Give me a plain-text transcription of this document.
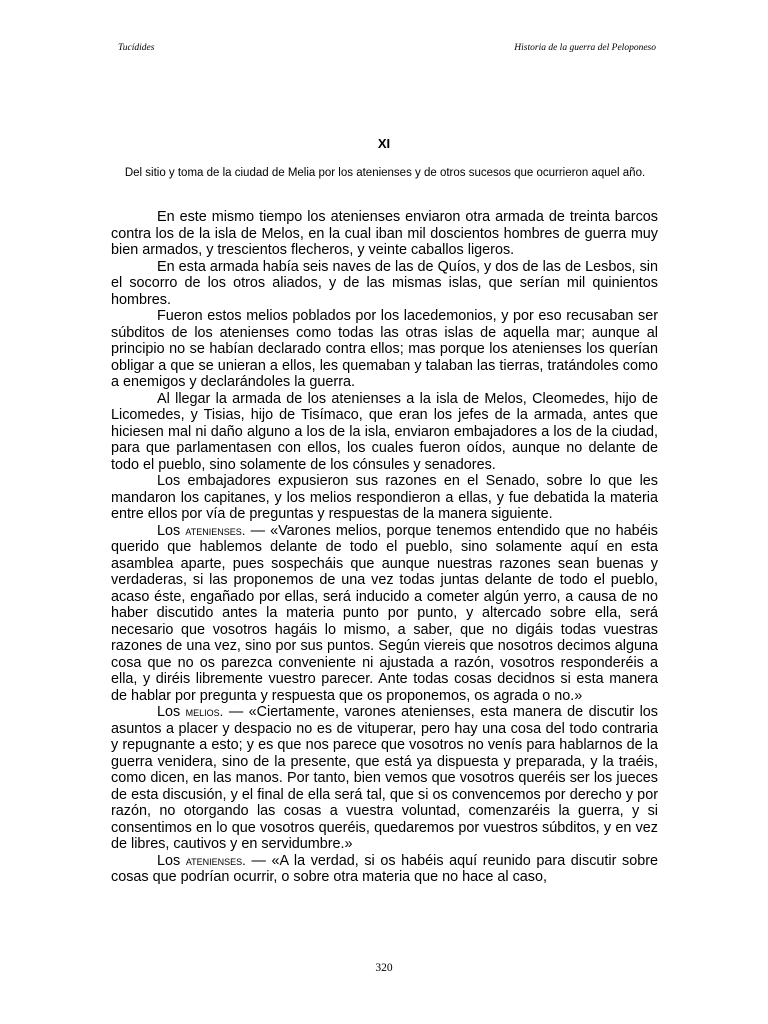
Tucídides	Historia de la guerra del Peloponeso
XI
Del sitio y toma de la ciudad de Melia por los atenienses y de otros sucesos que ocurrieron aquel año.

En este mismo tiempo los atenienses enviaron otra armada de treinta barcos contra los de la isla de Melos, en la cual iban mil doscientos hombres de guerra muy bien armados, y trescientos flecheros, y veinte caballos ligeros.

En esta armada había seis naves de las de Quíos, y dos de las de Lesbos, sin el socorro de los otros aliados, y de las mismas islas, que serían mil quinientos hombres.

Fueron estos melios poblados por los lacedemonios, y por eso recusaban ser súbditos de los atenienses como todas las otras islas de aquella mar; aunque al principio no se habían declarado contra ellos; mas porque los atenienses los querían obligar a que se unieran a ellos, les quemaban y talaban las tierras, tratándoles como a enemigos y declarándoles la guerra.

Al llegar la armada de los atenienses a la isla de Melos, Cleomedes, hijo de Licomedes, y Tisias, hijo de Tisímaco, que eran los jefes de la armada, antes que hiciesen mal ni daño alguno a los de la isla, enviaron embajadores a los de la ciudad, para que parlamentasen con ellos, los cuales fueron oídos, aunque no delante de todo el pueblo, sino solamente de los cónsules y senadores.

Los embajadores expusieron sus razones en el Senado, sobre lo que les mandaron los capitanes, y los melios respondieron a ellas, y fue debatida la materia entre ellos por vía de preguntas y respuestas de la manera siguiente.

Los atenienses. — «Varones melios, porque tenemos entendido que no habéis querido que hablemos delante de todo el pueblo, sino solamente aquí en esta asamblea aparte, pues sospecháis que aunque nuestras razones sean buenas y verdaderas, si las proponemos de una vez todas juntas delante de todo el pueblo, acaso éste, engañado por ellas, será inducido a cometer algún yerro, a causa de no haber discutido antes la materia punto por punto, y altercado sobre ella, será necesario que vosotros hagáis lo mismo, a saber, que no digáis todas vuestras razones de una vez, sino por sus puntos. Según viereis que nosotros decimos alguna cosa que no os parezca conveniente ni ajustada a razón, vosotros responderéis a ella, y diréis libremente vuestro parecer. Ante todas cosas decidnos si esta manera de hablar por pregunta y respuesta que os proponemos, os agrada o no.»

Los melios. — «Ciertamente, varones atenienses, esta manera de discutir los asuntos a placer y despacio no es de vituperar, pero hay una cosa del todo contraria y repugnante a esto; y es que nos parece que vosotros no venís para hablarnos de la guerra venidera, sino de la presente, que está ya dispuesta y preparada, y la traéis, como dicen, en las manos. Por tanto, bien vemos que vosotros queréis ser los jueces de esta discusión, y el final de ella será tal, que si os convencemos por derecho y por razón, no otorgando las cosas a vuestra voluntad, comenzaréis la guerra, y si consentimos en lo que vosotros queréis, quedaremos por vuestros súbditos, y en vez de libres, cautivos y en servidumbre.»

Los atenienses. — «A la verdad, si os habéis aquí reunido para discutir sobre cosas que podrían ocurrir, o sobre otra materia que no hace al caso,

320
